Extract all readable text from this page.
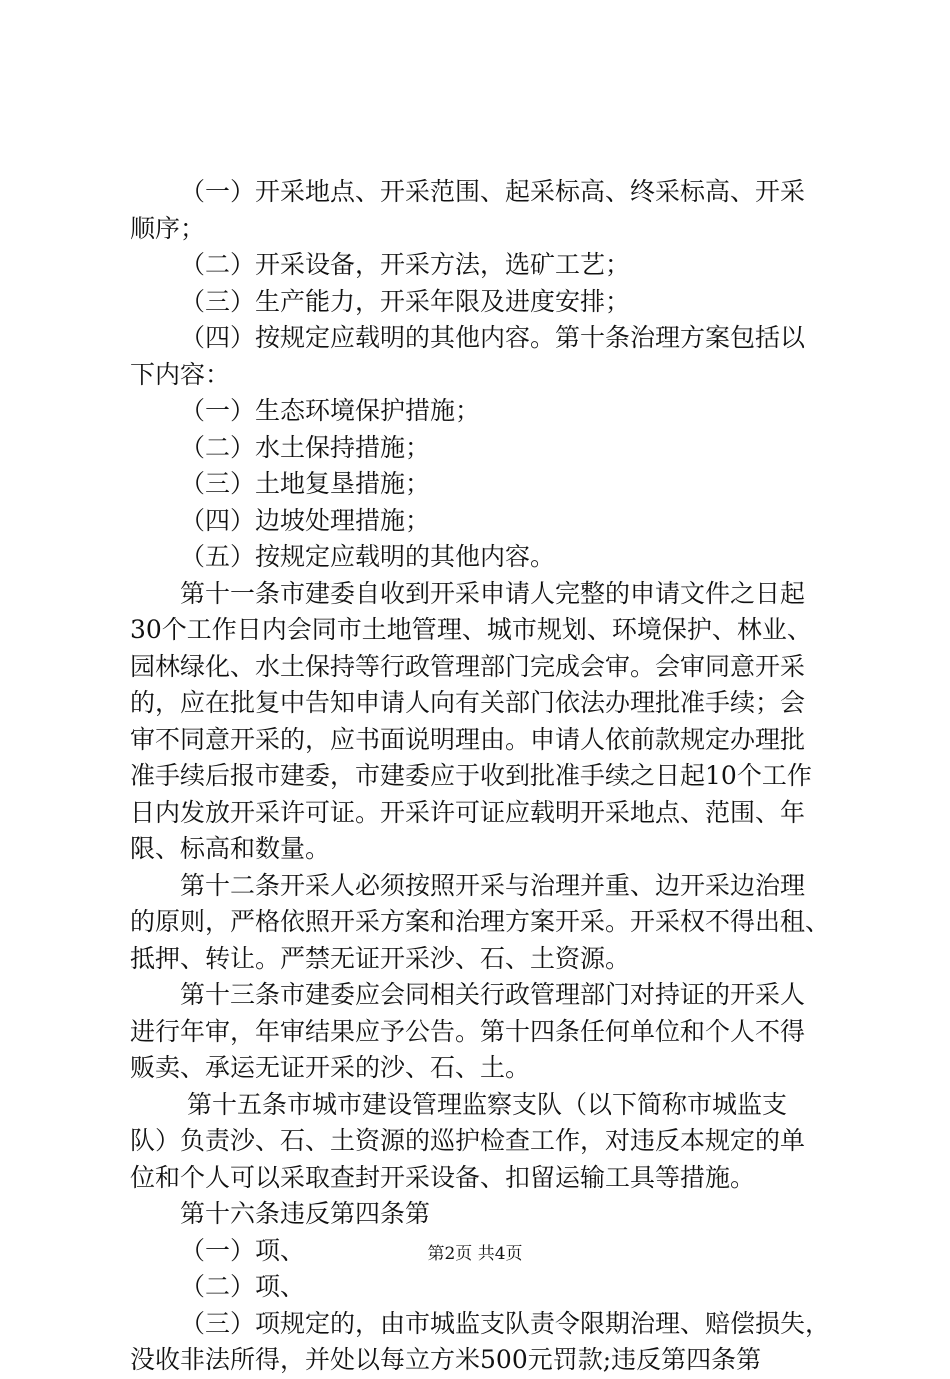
（一）开采地点、开采范围、起采标高、终采标高、开采
顺序；
（二）开采设备，开采方法，选矿工艺；
（三）生产能力，开采年限及进度安排；
（四）按规定应载明的其他内容。第十条治理方案包括以
下内容：
（一）生态环境保护措施；
（二）水土保持措施；
（三）土地复垦措施；
（四）边坡处理措施；
（五）按规定应载明的其他内容。
第十一条市建委自收到开采申请人完整的申请文件之日起
30个工作日内会同市土地管理、城市规划、环境保护、林业、
园林绿化、水土保持等行政管理部门完成会审。会审同意开采
的，应在批复中告知申请人向有关部门依法办理批准手续；会
审不同意开采的，应书面说明理由。申请人依前款规定办理批
准手续后报市建委，市建委应于收到批准手续之日起10个工作
日内发放开采许可证。开采许可证应载明开采地点、范围、年
限、标高和数量。
第十二条开采人必须按照开采与治理并重、边开采边治理
的原则，严格依照开采方案和治理方案开采。开采权不得出租、
抵押、转让。严禁无证开采沙、石、土资源。
第十三条市建委应会同相关行政管理部门对持证的开采人
进行年审，年审结果应予公告。第十四条任何单位和个人不得
贩卖、承运无证开采的沙、石、土。
第十五条市城市建设管理监察支队（以下简称市城监支
队）负责沙、石、土资源的巡护检查工作，对违反本规定的单
位和个人可以采取查封开采设备、扣留运输工具等措施。
第十六条违反第四条第
（一）项、
（二）项、
（三）项规定的，由市城监支队责令限期治理、赔偿损失，
没收非法所得，并处以每立方米500元罚款;违反第四条第
第2页 共4页
